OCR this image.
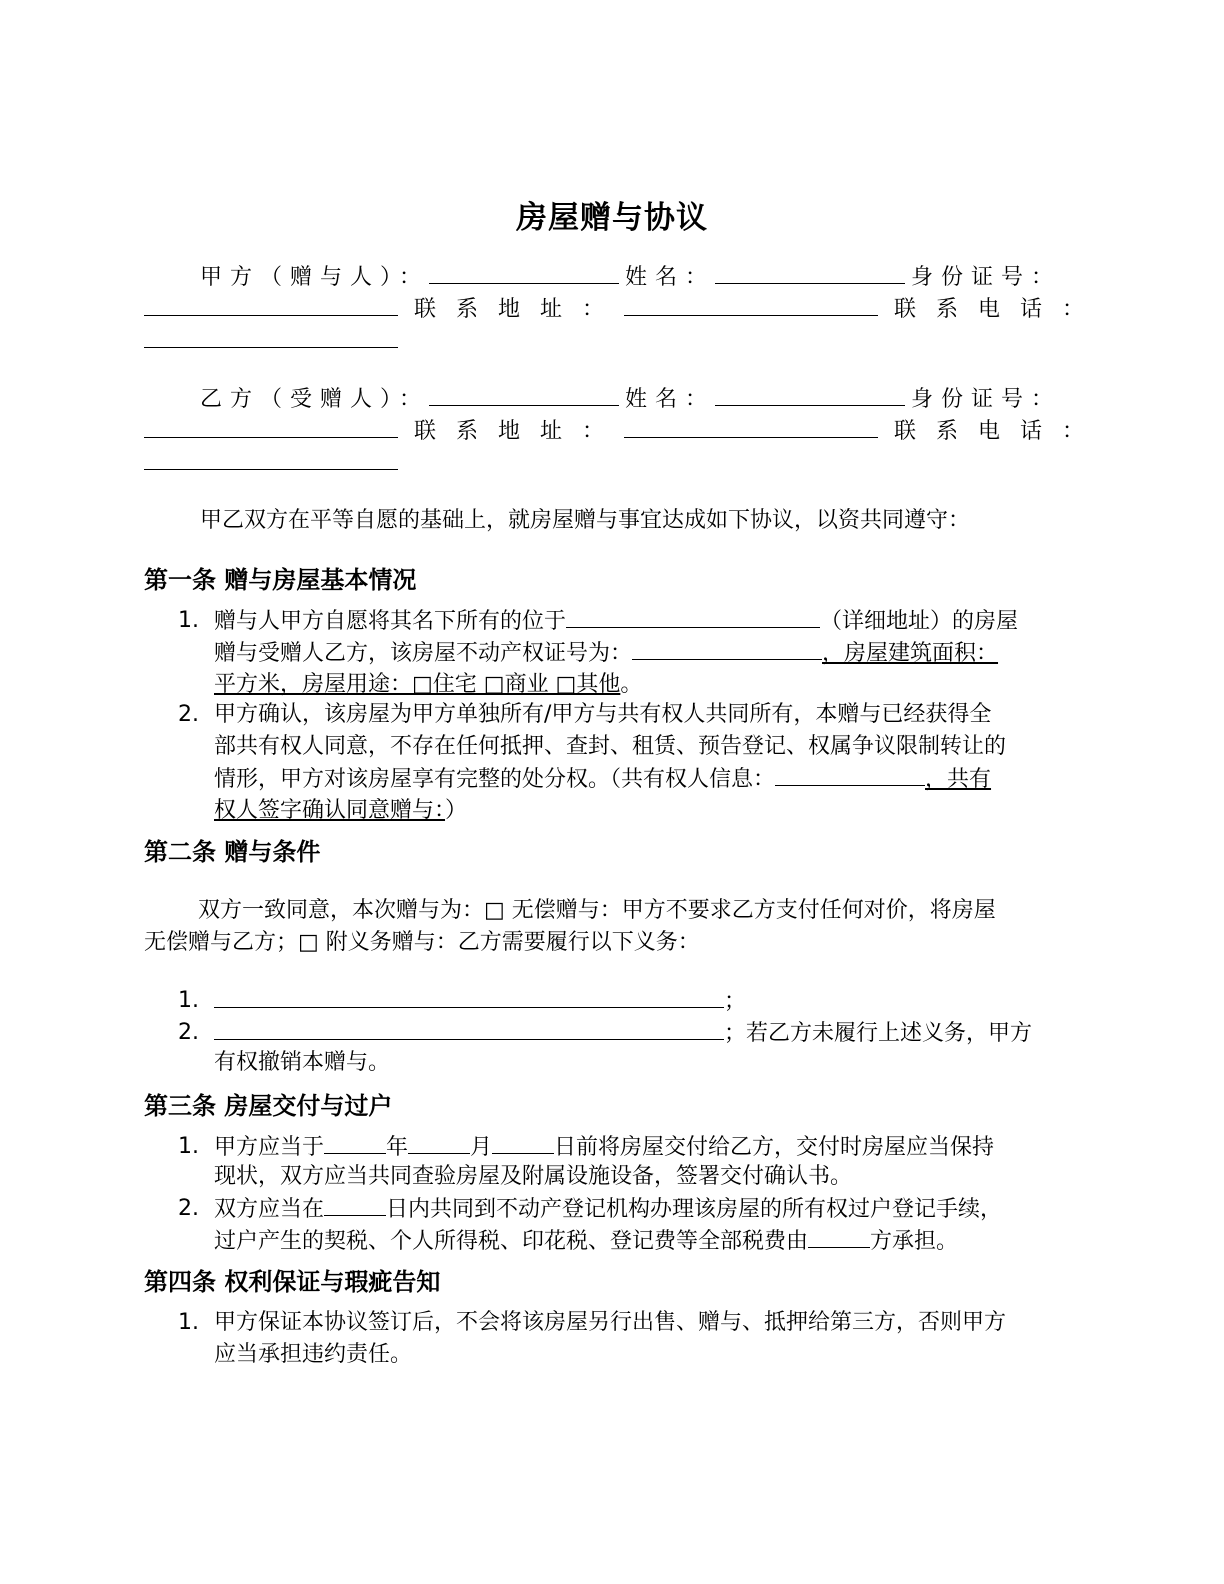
房屋赠与协议
甲方（赠与人）：	姓名：	身份证号：
联系地址：	联系电话：
乙方（受赠人）：	姓名：	身份证号：
联系地址：	联系电话：
甲乙双方在平等自愿的基础上，就房屋赠与事宜达成如下协议，以资共同遵守：
第一条 赠与房屋基本情况
1. 赠与人甲方自愿将其名下所有的位于	（详细地址）的房屋
赠与受赠人乙方，该房屋不动产权证号为：	，房屋建筑面积：
平方米，房屋用途：□住宅 □商业 □其他。
2. 甲方确认，该房屋为甲方单独所有/甲方与共有权人共同所有，本赠与已经获得全
部共有权人同意，不存在任何抵押、查封、租赁、预告登记、权属争议限制转让的
情形，甲方对该房屋享有完整的处分权。（共有权人信息：	，共有
权人签字确认同意赠与：）
第二条 赠与条件
双方一致同意，本次赠与为：□ 无偿赠与：甲方不要求乙方支付任何对价，将房屋
无偿赠与乙方；□ 附义务赠与：乙方需要履行以下义务：
1.	；
2.	；若乙方未履行上述义务，甲方
有权撤销本赠与。
第三条 房屋交付与过户
1. 甲方应当于	年	月	日前将房屋交付给乙方，交付时房屋应当保持
现状，双方应当共同查验房屋及附属设施设备，签署交付确认书。
2. 双方应当在	日内共同到不动产登记机构办理该房屋的所有权过户登记手续，
过户产生的契税、个人所得税、印花税、登记费等全部税费由	方承担。
第四条 权利保证与瑕疵告知
1. 甲方保证本协议签订后，不会将该房屋另行出售、赠与、抵押给第三方，否则甲方
应当承担违约责任。
